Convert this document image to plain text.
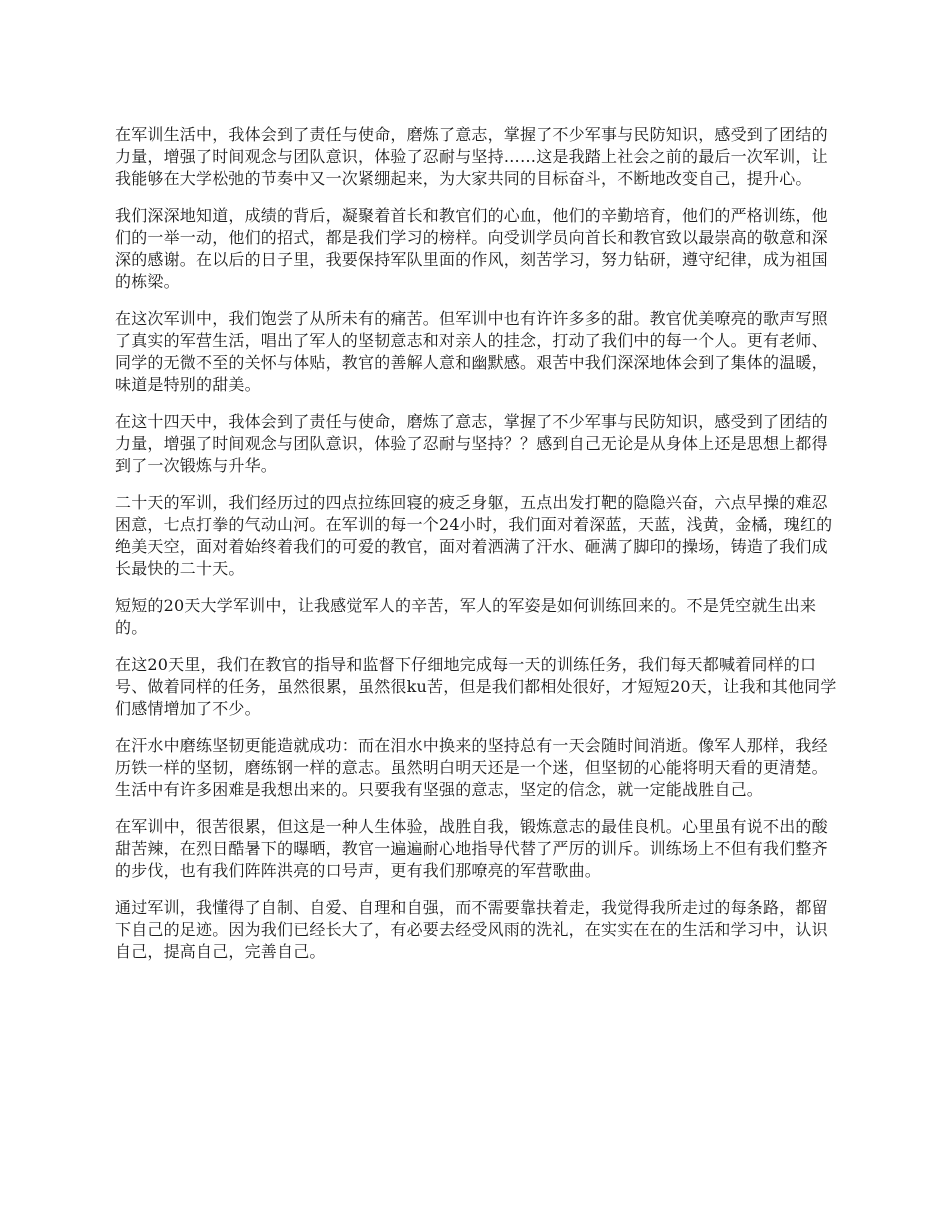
在军训生活中，我体会到了责任与使命，磨炼了意志，掌握了不少军事与民防知识，感受到了团结的力量，增强了时间观念与团队意识，体验了忍耐与坚持……这是我踏上社会之前的最后一次军训，让我能够在大学松弛的节奏中又一次紧绷起来，为大家共同的目标奋斗，不断地改变自己，提升心。

我们深深地知道，成绩的背后，凝聚着首长和教官们的心血，他们的辛勤培育，他们的严格训练，他们的一举一动，他们的招式，都是我们学习的榜样。向受训学员向首长和教官致以最崇高的敬意和深深的感谢。在以后的日子里，我要保持军队里面的作风，刻苦学习，努力钻研，遵守纪律，成为祖国的栋梁。

在这次军训中，我们饱尝了从所未有的痛苦。但军训中也有许许多多的甜。教官优美嘹亮的歌声写照了真实的军营生活，唱出了军人的坚韧意志和对亲人的挂念，打动了我们中的每一个人。更有老师、同学的无微不至的关怀与体贴，教官的善解人意和幽默感。艰苦中我们深深地体会到了集体的温暖，味道是特别的甜美。

在这十四天中，我体会到了责任与使命，磨炼了意志，掌握了不少军事与民防知识，感受到了团结的力量，增强了时间观念与团队意识，体验了忍耐与坚持？？感到自己无论是从身体上还是思想上都得到了一次锻炼与升华。

二十天的军训，我们经历过的四点拉练回寝的疲乏身躯，五点出发打靶的隐隐兴奋，六点早操的难忍困意，七点打拳的气动山河。在军训的每一个24小时，我们面对着深蓝，天蓝，浅黄，金橘，瑰红的绝美天空，面对着始终着我们的可爱的教官，面对着洒满了汗水、砸满了脚印的操场，铸造了我们成长最快的二十天。

短短的20天大学军训中，让我感觉军人的辛苦，军人的军姿是如何训练回来的。不是凭空就生出来的。

在这20天里，我们在教官的指导和监督下仔细地完成每一天的训练任务，我们每天都喊着同样的口号、做着同样的任务，虽然很累，虽然很ku苦，但是我们都相处很好，才短短20天，让我和其他同学们感情增加了不少。

在汗水中磨练坚韧更能造就成功：而在泪水中换来的坚持总有一天会随时间消逝。像军人那样，我经历铁一样的坚韧，磨练钢一样的意志。虽然明白明天还是一个迷，但坚韧的心能将明天看的更清楚。生活中有许多困难是我想出来的。只要我有坚强的意志，坚定的信念，就一定能战胜自己。

在军训中，很苦很累，但这是一种人生体验，战胜自我，锻炼意志的最佳良机。心里虽有说不出的酸甜苦辣，在烈日酷暑下的曝晒，教官一遍遍耐心地指导代替了严厉的训斥。训练场上不但有我们整齐的步伐，也有我们阵阵洪亮的口号声，更有我们那嘹亮的军营歌曲。

通过军训，我懂得了自制、自爱、自理和自强，而不需要靠扶着走，我觉得我所走过的每条路，都留下自己的足迹。因为我们已经长大了，有必要去经受风雨的洗礼，在实实在在的生活和学习中，认识自己，提高自己，完善自己。
